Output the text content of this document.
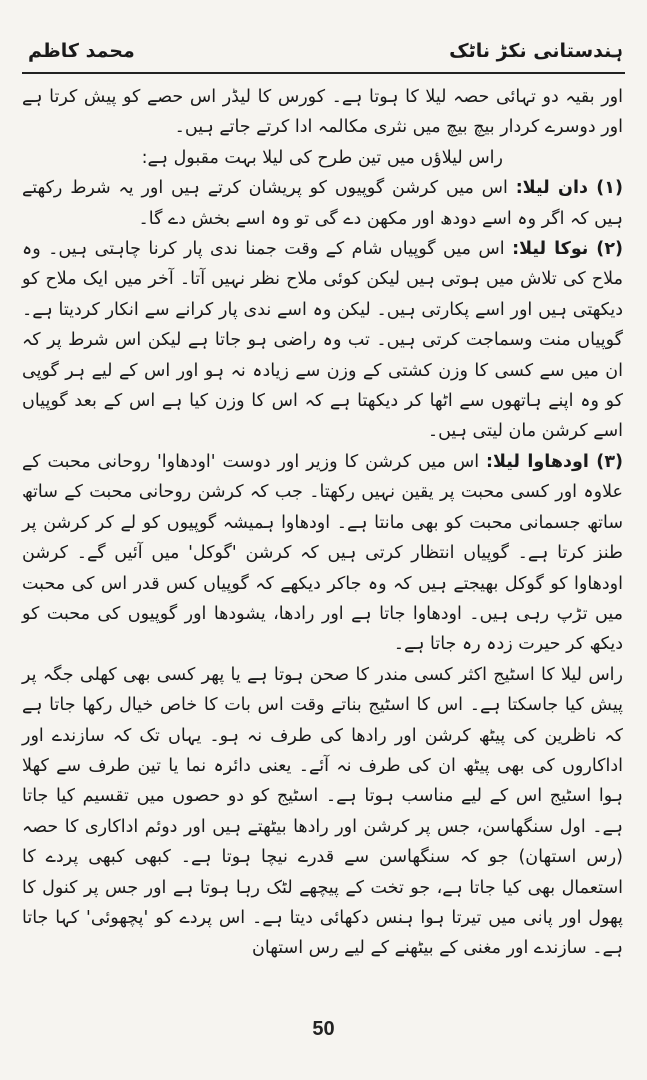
ہندستانی نکڑ ناٹک
محمد کاظم

اور بقیہ دو تہائی حصہ لیلا کا ہوتا ہے۔ کورس کا لیڈر اس حصے کو پیش کرتا ہے اور دوسرے کردار بیچ بیچ میں نثری مکالمہ ادا کرتے جاتے ہیں۔

راس لیلاؤں میں تین طرح کی لیلا بہت مقبول ہے:

(۱) دان لیلا: اس میں کرشن گوپیوں کو پریشان کرتے ہیں اور یہ شرط رکھتے ہیں کہ اگر وہ اسے دودھ اور مکھن دے گی تو وہ اسے بخش دے گا۔

(۲) نوکا لیلا: اس میں گوپیاں شام کے وقت جمنا ندی پار کرنا چاہتی ہیں۔ وہ ملاح کی تلاش میں ہوتی ہیں لیکن کوئی ملاح نظر نہیں آتا۔ آخر میں ایک ملاح کو دیکھتی ہیں اور اسے پکارتی ہیں۔ لیکن وہ اسے ندی پار کرانے سے انکار کردیتا ہے۔ گوپیاں منت وسماجت کرتی ہیں۔ تب وہ راضی ہو جاتا ہے لیکن اس شرط پر کہ ان میں سے کسی کا وزن کشتی کے وزن سے زیادہ نہ ہو اور اس کے لیے ہر گوپی کو وہ اپنے ہاتھوں سے اٹھا کر دیکھتا ہے کہ اس کا وزن کیا ہے اس کے بعد گوپیاں اسے کرشن مان لیتی ہیں۔

(۳) اودھاوا لیلا: اس میں کرشن کا وزیر اور دوست 'اودھاوا' روحانی محبت کے علاوہ اور کسی محبت پر یقین نہیں رکھتا۔ جب کہ کرشن روحانی محبت کے ساتھ ساتھ جسمانی محبت کو بھی مانتا ہے۔ اودھاوا ہمیشہ گوپیوں کو لے کر کرشن پر طنز کرتا ہے۔ گوپیاں انتظار کرتی ہیں کہ کرشن 'گوکل' میں آئیں گے۔ کرشن اودھاوا کو گوکل بھیجتے ہیں کہ وہ جاکر دیکھے کہ گوپیاں کس قدر اس کی محبت میں تڑپ رہی ہیں۔ اودھاوا جاتا ہے اور رادھا، یشودھا اور گوپیوں کی محبت کو دیکھ کر حیرت زدہ رہ جاتا ہے۔

راس لیلا کا اسٹیج اکثر کسی مندر کا صحن ہوتا ہے یا پھر کسی بھی کھلی جگہ پر پیش کیا جاسکتا ہے۔ اس کا اسٹیج بناتے وقت اس بات کا خاص خیال رکھا جاتا ہے کہ ناظرین کی پیٹھ کرشن اور رادھا کی طرف نہ ہو۔ یہاں تک کہ سازندے اور اداکاروں کی بھی پیٹھ ان کی طرف نہ آئے۔ یعنی دائرہ نما یا تین طرف سے کھلا ہوا اسٹیج اس کے لیے مناسب ہوتا ہے۔ اسٹیج کو دو حصوں میں تقسیم کیا جاتا ہے۔ اول سنگھاسن، جس پر کرشن اور رادھا بیٹھتے ہیں اور دوئم اداکاری کا حصہ (رس استھان) جو کہ سنگھاسن سے قدرے نیچا ہوتا ہے۔ کبھی کبھی پردے کا استعمال بھی کیا جاتا ہے، جو تخت کے پیچھے لٹک رہا ہوتا ہے اور جس پر کنول کا پھول اور پانی میں تیرتا ہوا ہنس دکھائی دیتا ہے۔ اس پردے کو 'پچھوئی' کہا جاتا ہے۔ سازندے اور مغنی کے بیٹھنے کے لیے رس استھان

50
